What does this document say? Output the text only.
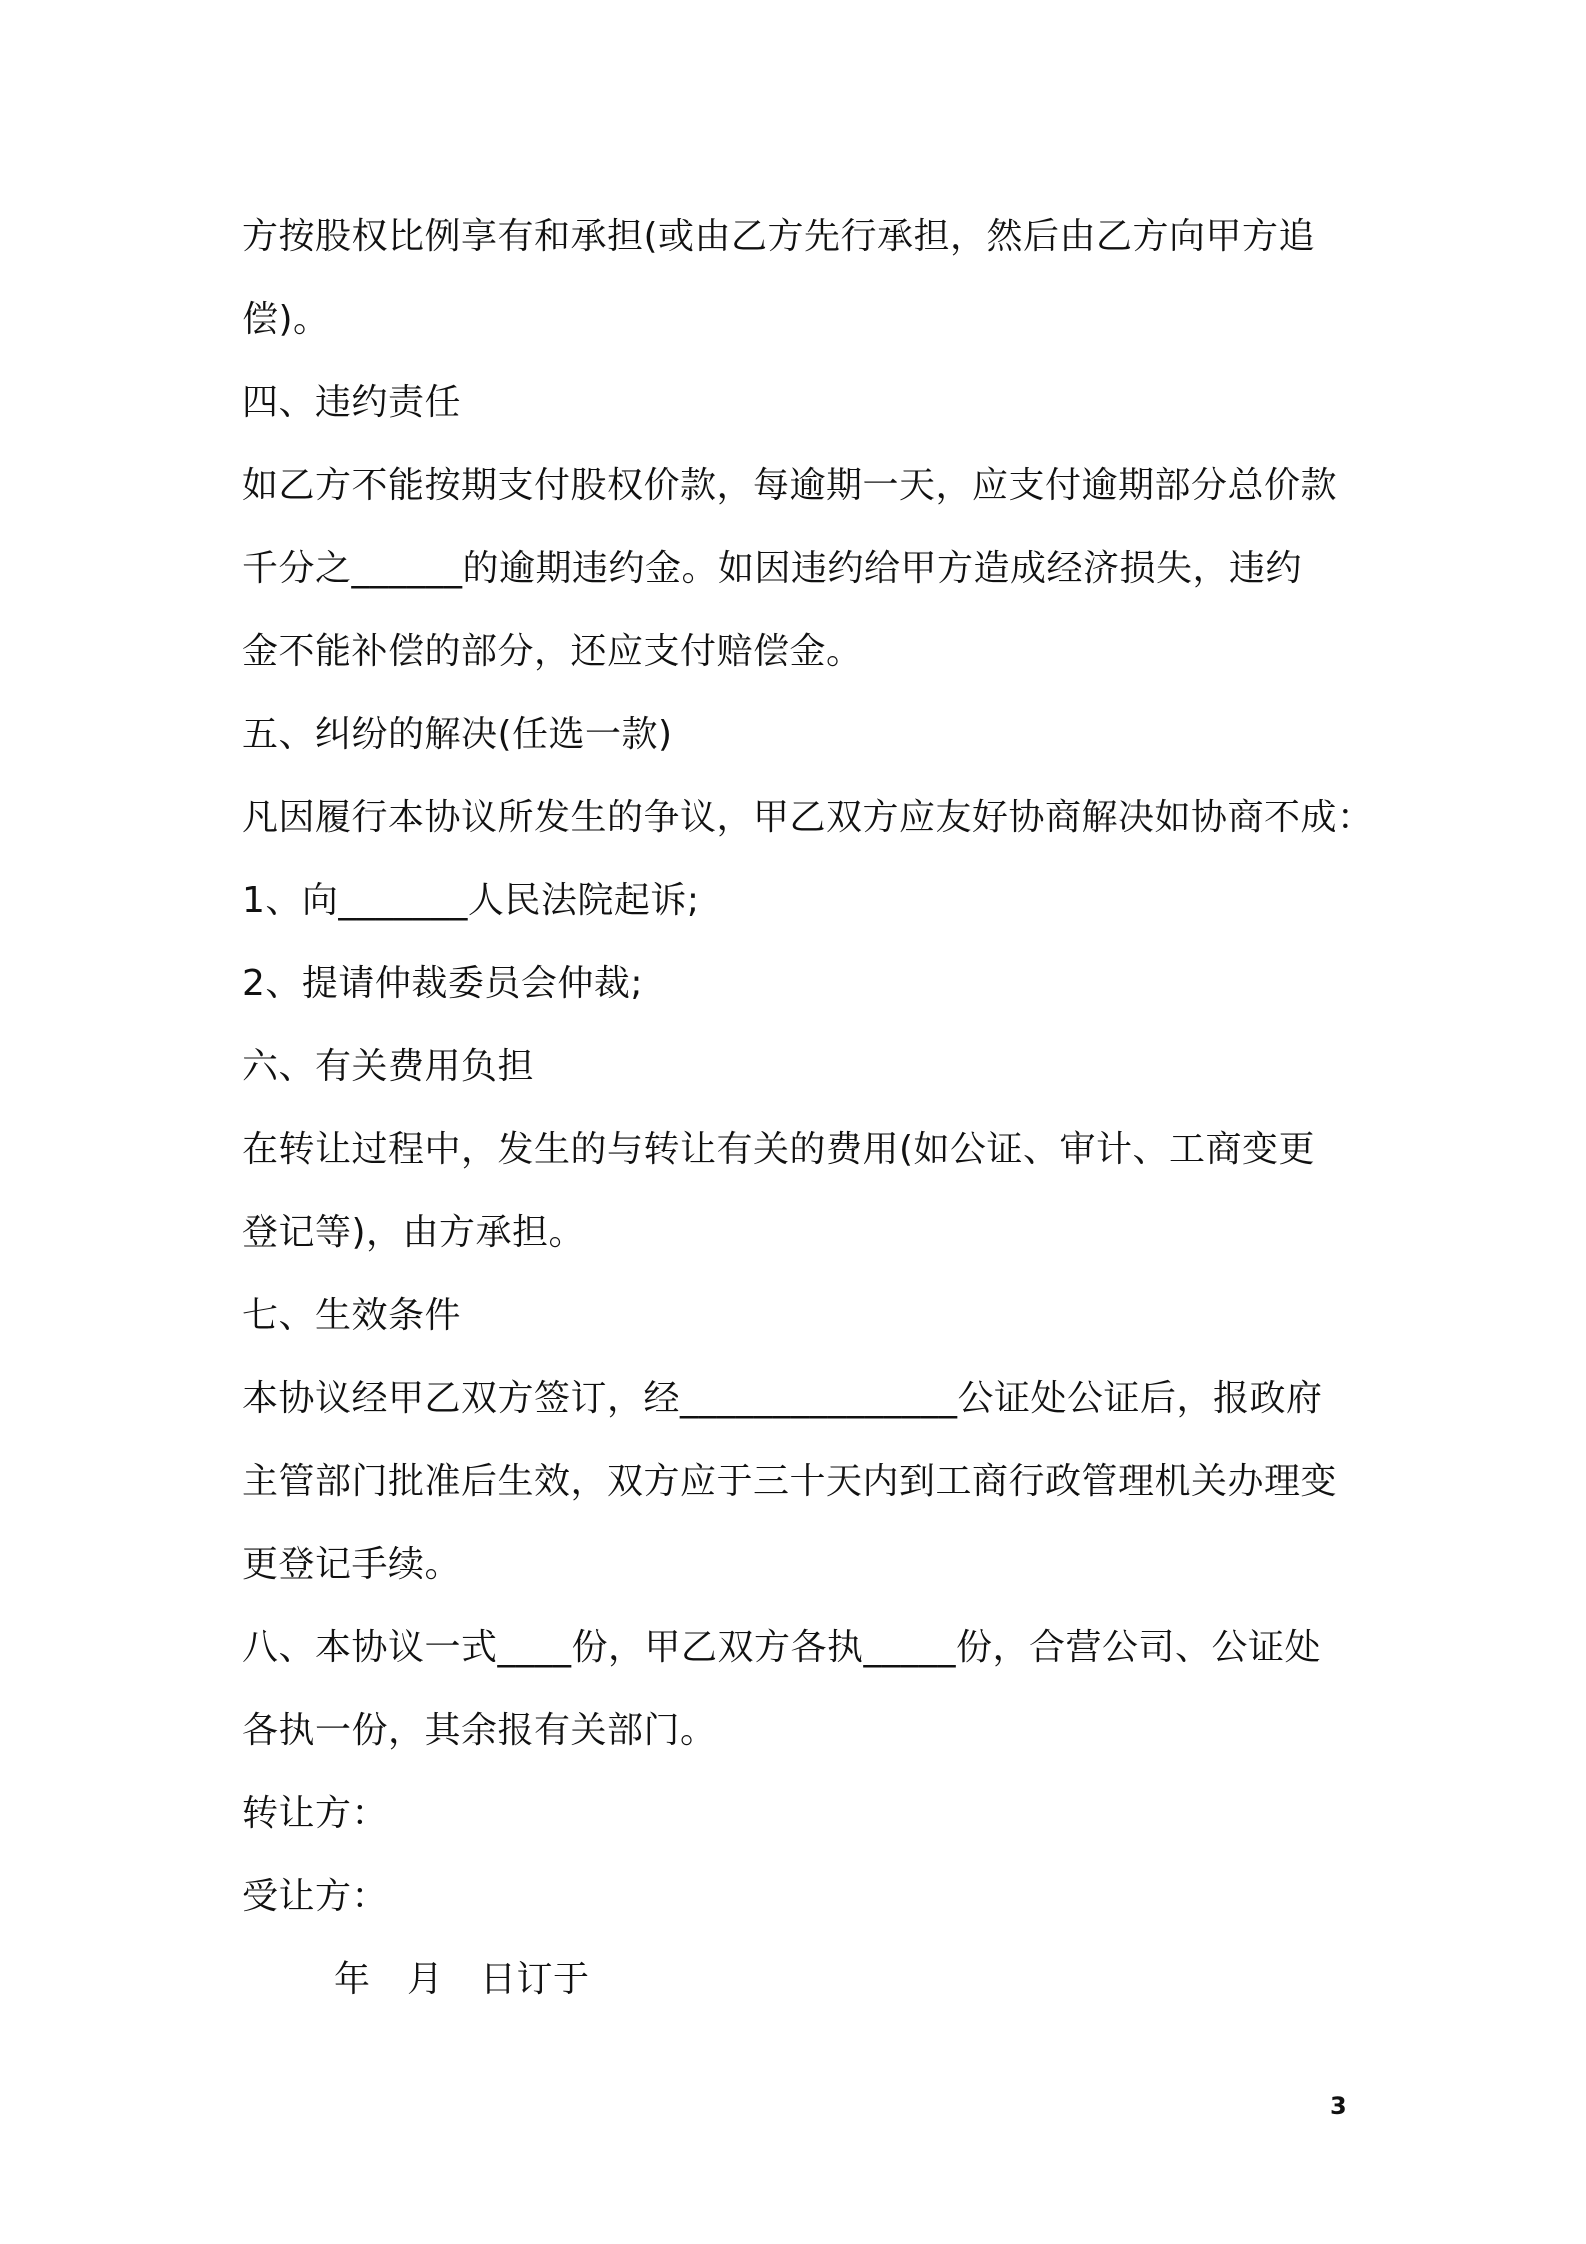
方按股权比例享有和承担(或由乙方先行承担，然后由乙方向甲方追
偿)。
四、违约责任
如乙方不能按期支付股权价款，每逾期一天，应支付逾期部分总价款
千分之______的逾期违约金。如因违约给甲方造成经济损失，违约
金不能补偿的部分，还应支付赔偿金。
五、纠纷的解决(任选一款)
凡因履行本协议所发生的争议，甲乙双方应友好协商解决如协商不成：
1、向_______人民法院起诉;
2、提请仲裁委员会仲裁;
六、有关费用负担
在转让过程中，发生的与转让有关的费用(如公证、审计、工商变更
登记等)，由方承担。
七、生效条件
本协议经甲乙双方签订，经_______________公证处公证后，报政府
主管部门批准后生效，双方应于三十天内到工商行政管理机关办理变
更登记手续。
八、本协议一式____份，甲乙双方各执_____份，合营公司、公证处
各执一份，其余报有关部门。
转让方：
受让方：
年　月　日订于
3
